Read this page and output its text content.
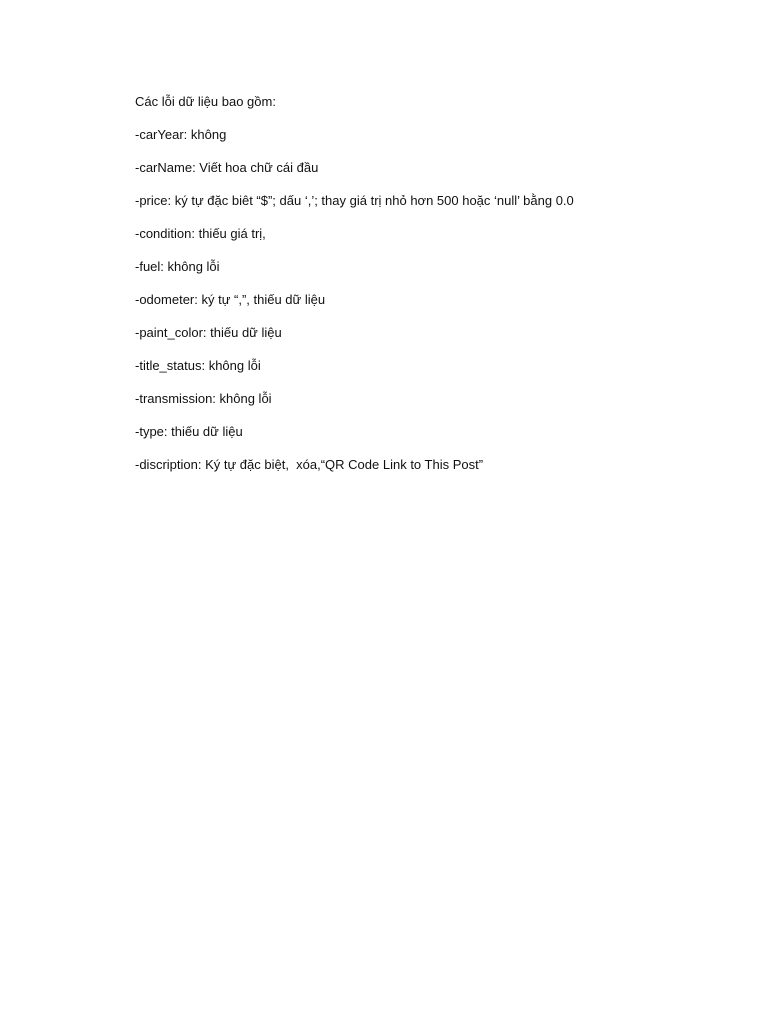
Các lỗi dữ liệu bao gồm:
-carYear: không
-carName: Viết hoa chữ cái đầu
-price: ký tự đặc biêt “$”; dấu ‘,’; thay giá trị nhỏ hơn 500 hoặc ‘null’ bằng 0.0
-condition: thiếu giá trị,
-fuel: không lỗi
-odometer: ký tự “,”, thiếu dữ liệu
-paint_color: thiếu dữ liệu
-title_status: không lỗi
-transmission: không lỗi
-type: thiếu dữ liệu
-discription: Ký tự đặc biệt,  xóa,“QR Code Link to This Post”
